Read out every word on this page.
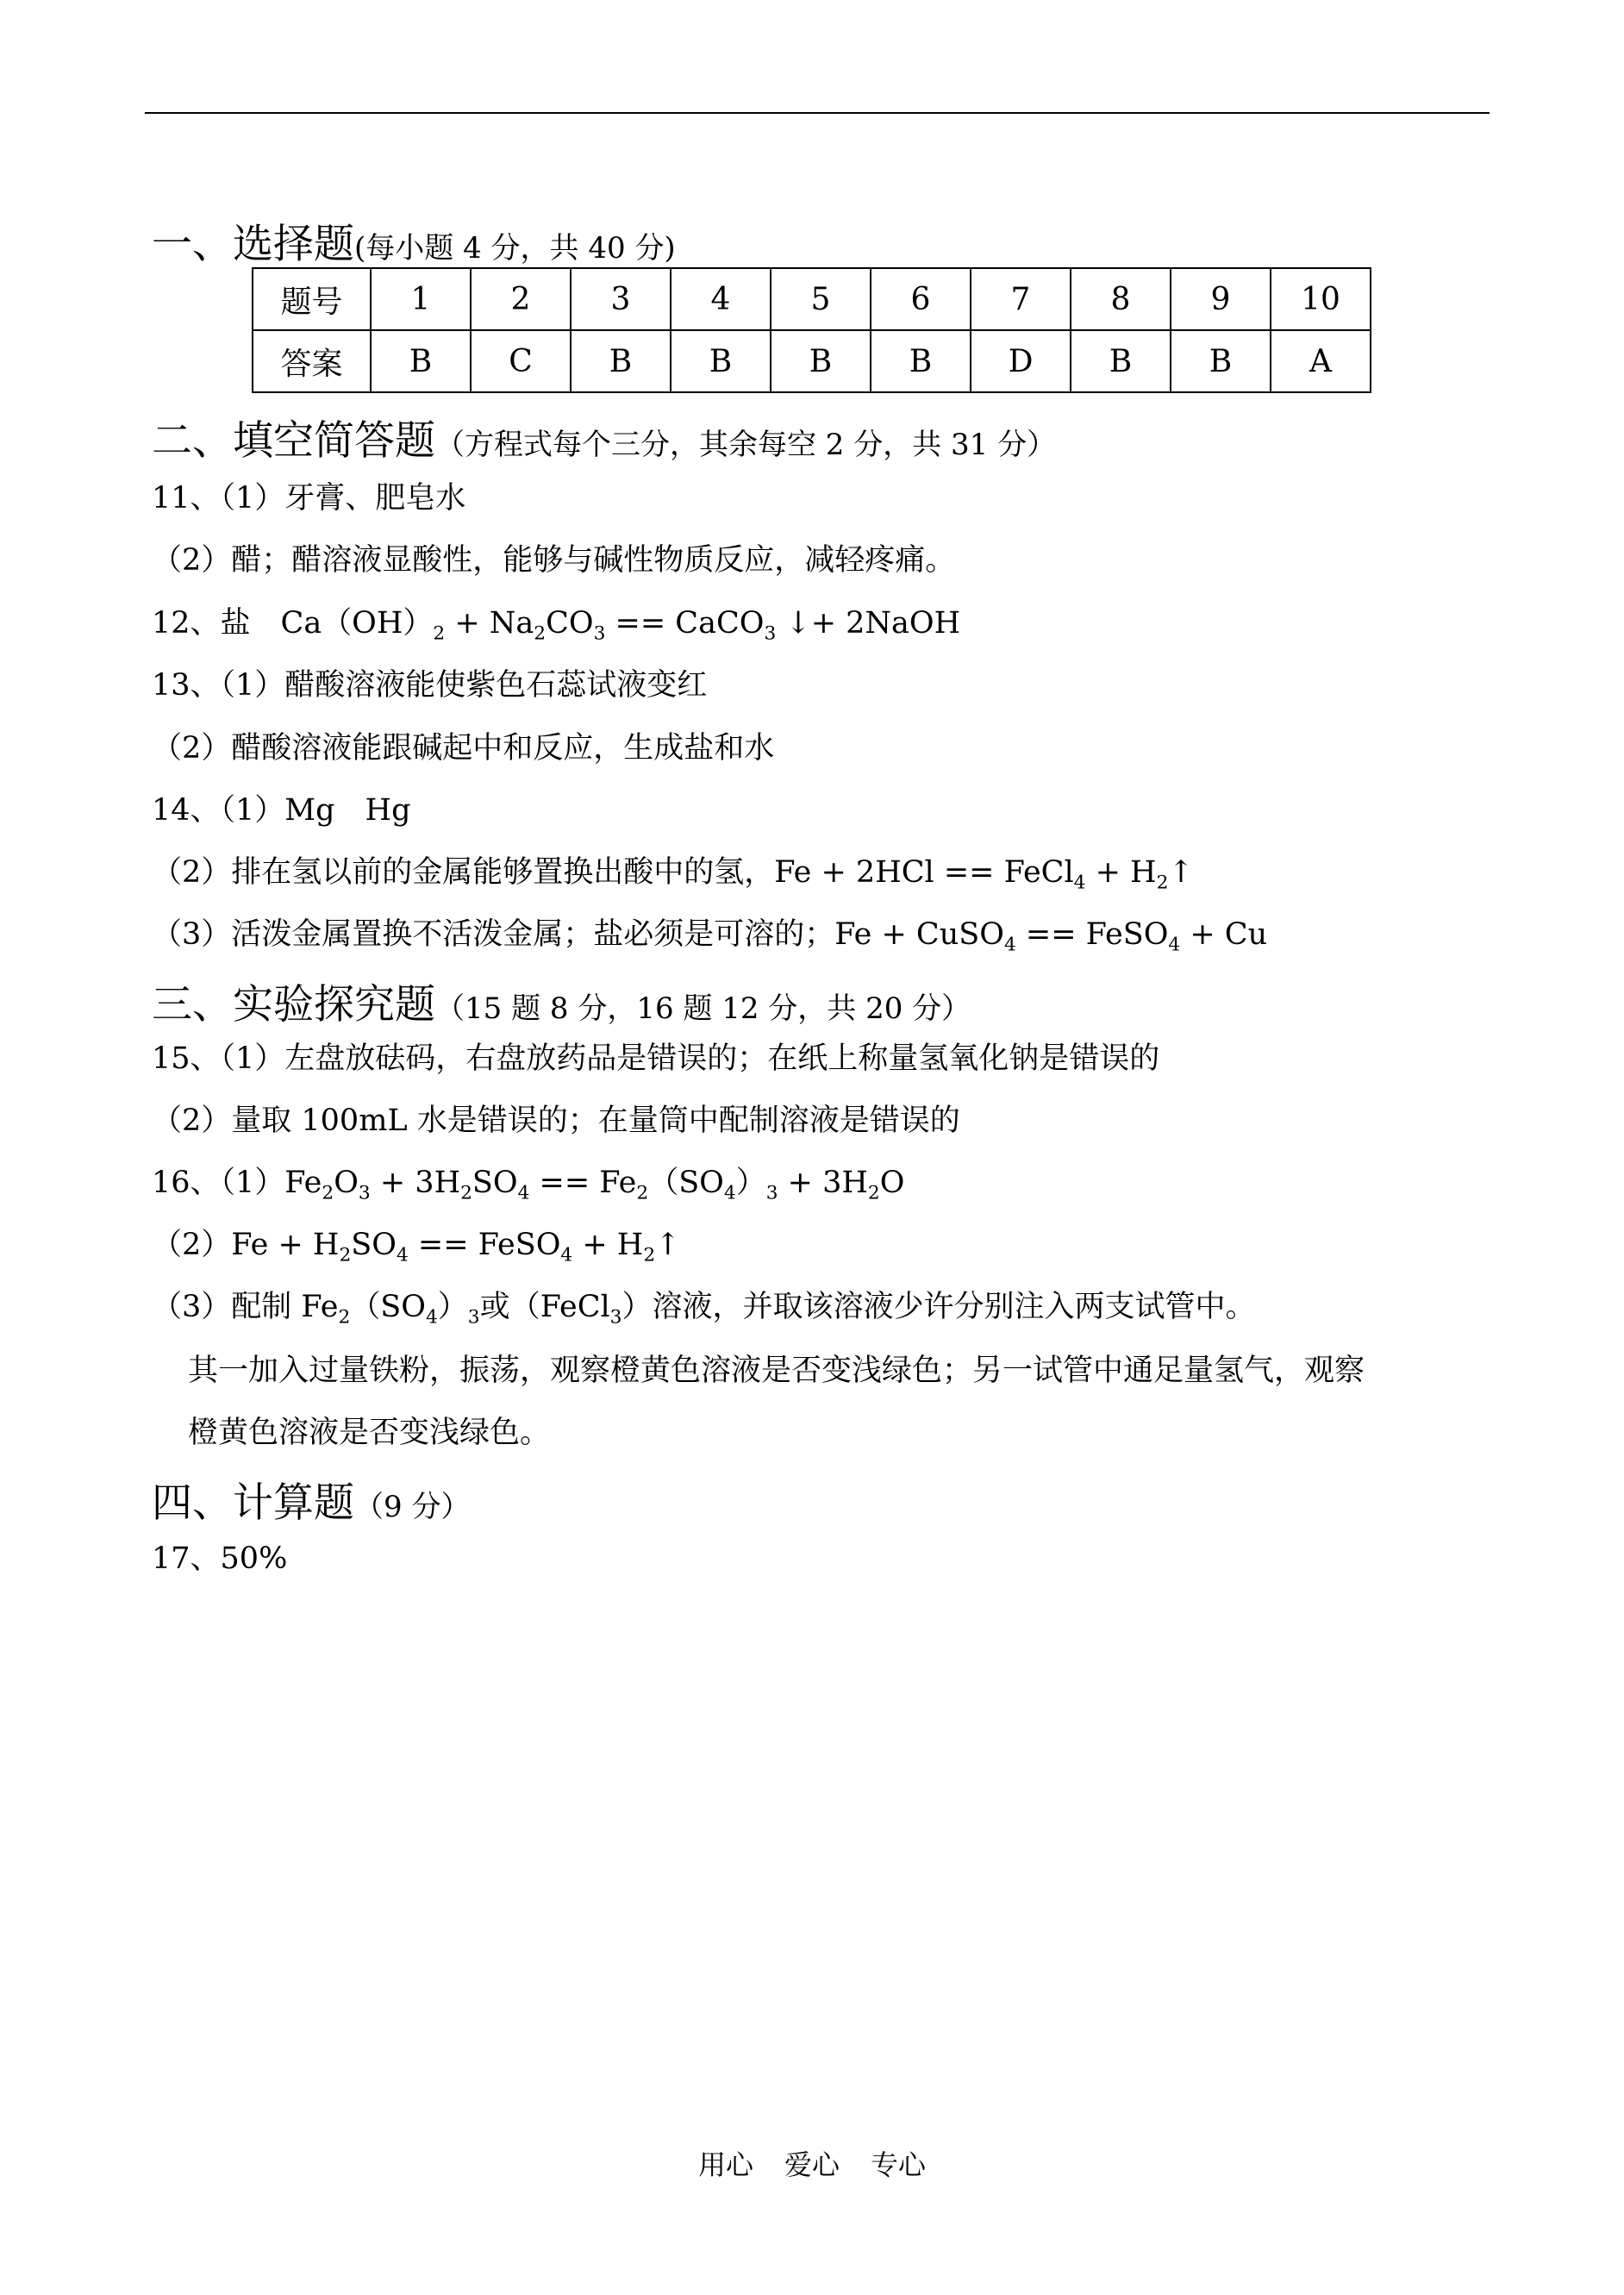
一、选择题(每小题 4 分，共 40 分)
题号	1	2	3	4	5	6	7	8	9	10
答案	B	C	B	B	B	B	D	B	B	A
二、填空简答题（方程式每个三分，其余每空 2 分，共 31 分）
11、（1）牙膏、肥皂水
（2）醋；醋溶液显酸性，能够与碱性物质反应，减轻疼痛。
12、盐　$Ca(OH)_2 + Na_2CO_3$ == CaCO$_3$ ↓+ 2NaOH
13、（1）醋酸溶液能使紫色石蕊试液变红
（2）醋酸溶液能跟碱起中和反应，生成盐和水
14、（1）Mg　Hg
（2）排在氢以前的金属能够置换出酸中的氢，Fe + 2HCl == FeCl$_4$ + $H_2↑$
（3）活泼金属置换不活泼金属；盐必须是可溶的；Fe + CuSO$_4$ == FeSO$_4$ + Cu
三、实验探究题（15 题 8 分，16 题 12 分，共 20 分）
15、（1）左盘放砝码，右盘放药品是错误的；在纸上称量氢氧化钠是错误的
（2）量取 100mL 水是错误的；在量筒中配制溶液是错误的
16、$(1)Fe_2O_3 + 3H_2SO_4 == Fe_2(SO_4)_3 + 3H_2O$
$(2)Fe + H_2SO_4$ == FeSO$_4$ + $H_2↑$
（3）配制 $Fe_2(SO_4)_3$或（FeCl$_3$）溶液，并取该溶液少许分别注入两支试管中。
其一加入过量铁粉，振荡，观察橙黄色溶液是否变浅绿色；另一试管中通足量氢气，观察
橙黄色溶液是否变浅绿色。
四、计算题（9 分）
17、50%
用心 爱心 专心
